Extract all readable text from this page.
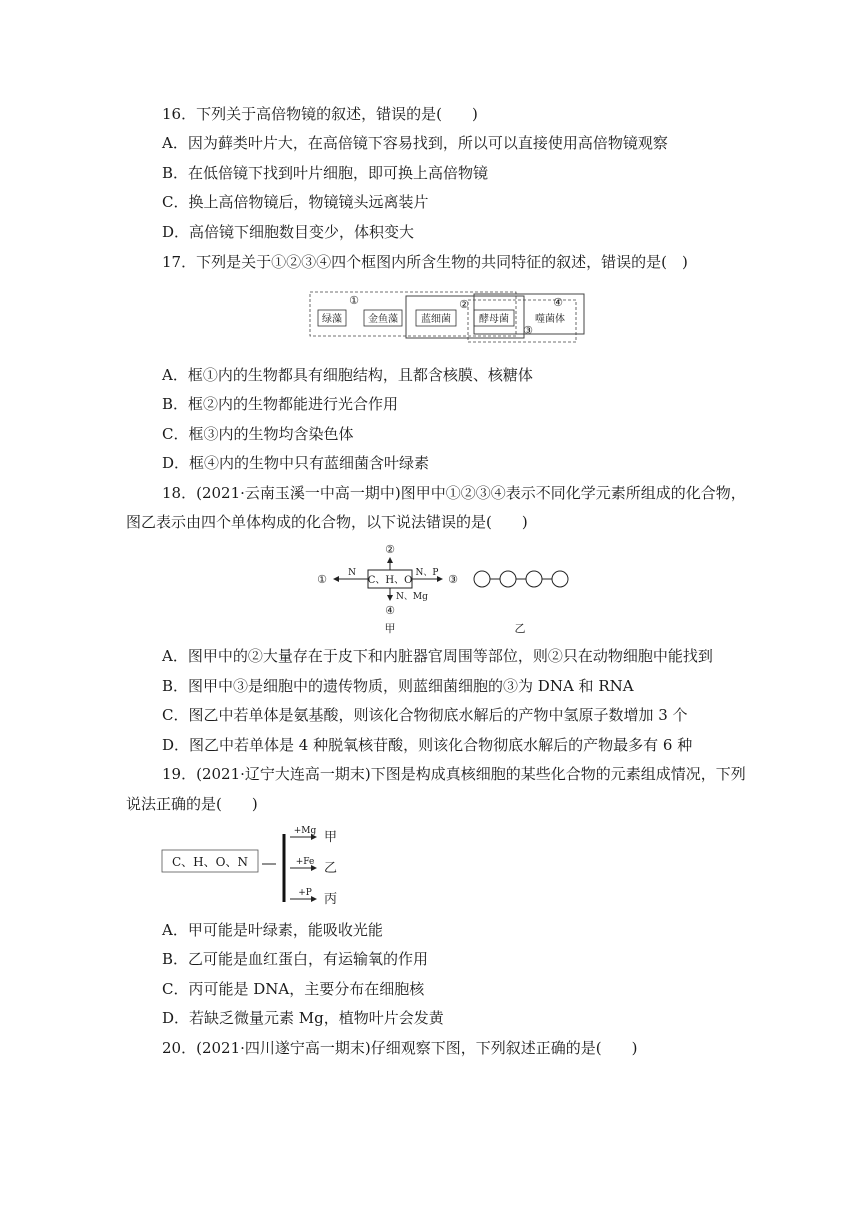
16．下列关于高倍物镜的叙述，错误的是(　　)
A．因为藓类叶片大，在高倍镜下容易找到，所以可以直接使用高倍物镜观察
B．在低倍镜下找到叶片细胞，即可换上高倍物镜
C．换上高倍物镜后，物镜镜头远离装片
D．高倍镜下细胞数目变少，体积变大
17．下列是关于①②③④四个框图内所含生物的共同特征的叙述，错误的是(　)
绿藻	金鱼藻 蓝细菌	酵母菌	噬菌体
①	②
③
④
A．框①内的生物都具有细胞结构，且都含核膜、核糖体
B．框②内的生物都能进行光合作用
C．框③内的生物均含染色体
D．框④内的生物中只有蓝细菌含叶绿素
18．(2021·云南玉溪一中高一期中)图甲中①②③④表示不同化学元素所组成的化合物，
图乙表示由四个单体构成的化合物，以下说法错误的是(　　)
C、H、O
②
N
①	N、P ③
N、Mg
④
甲	乙
A．图甲中的②大量存在于皮下和内脏器官周围等部位，则②只在动物细胞中能找到
B．图甲中③是细胞中的遗传物质，则蓝细菌细胞的③为 DNA 和 RNA
C．图乙中若单体是氨基酸，则该化合物彻底水解后的产物中氢原子数增加 3 个
D．图乙中若单体是 4 种脱氧核苷酸，则该化合物彻底水解后的产物最多有 6 种
19．(2021·辽宁大连高一期末)下图是构成真核细胞的某些化合物的元素组成情况，下列
说法正确的是(　　)
C、H、O、N
+Mg 甲
+Fe 乙
+P 丙
A．甲可能是叶绿素，能吸收光能
B．乙可能是血红蛋白，有运输氧的作用
C．丙可能是 DNA，主要分布在细胞核
D．若缺乏微量元素 Mg，植物叶片会发黄
20．(2021·四川遂宁高一期末)仔细观察下图，下列叙述正确的是(　　)
